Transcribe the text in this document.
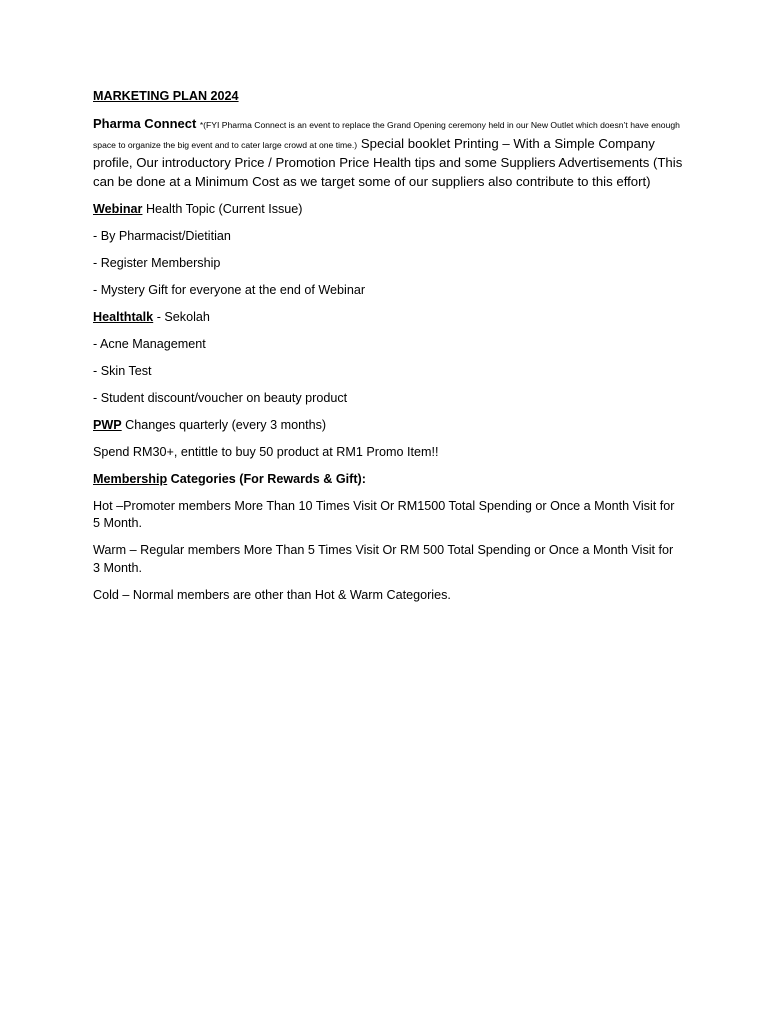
MARKETING PLAN 2024

Pharma Connect *(FYI Pharma Connect is an event to replace the Grand Opening ceremony held in our New Outlet which doesn’t have enough space to organize the big event and to cater large crowd at one time.) Special booklet Printing – With a Simple Company profile, Our introductory Price / Promotion Price Health tips and some Suppliers Advertisements (This can be done at a Minimum Cost as we target some of our suppliers also contribute to this effort)

Webinar Health Topic (Current Issue)

- By Pharmacist/Dietitian

- Register Membership

- Mystery Gift for everyone at the end of Webinar

Healthtalk - Sekolah

- Acne Management

- Skin Test

- Student discount/voucher on beauty product

PWP Changes quarterly (every 3 months)

Spend RM30+, entittle to buy 50 product at RM1 Promo Item!!

Membership Categories (For Rewards & Gift):

Hot –Promoter members More Than 10 Times Visit Or RM1500 Total Spending or Once a Month Visit for 5 Month.

Warm – Regular members More Than 5 Times Visit Or RM 500 Total Spending or Once a Month Visit for 3 Month.

Cold – Normal members are other than Hot & Warm Categories.
